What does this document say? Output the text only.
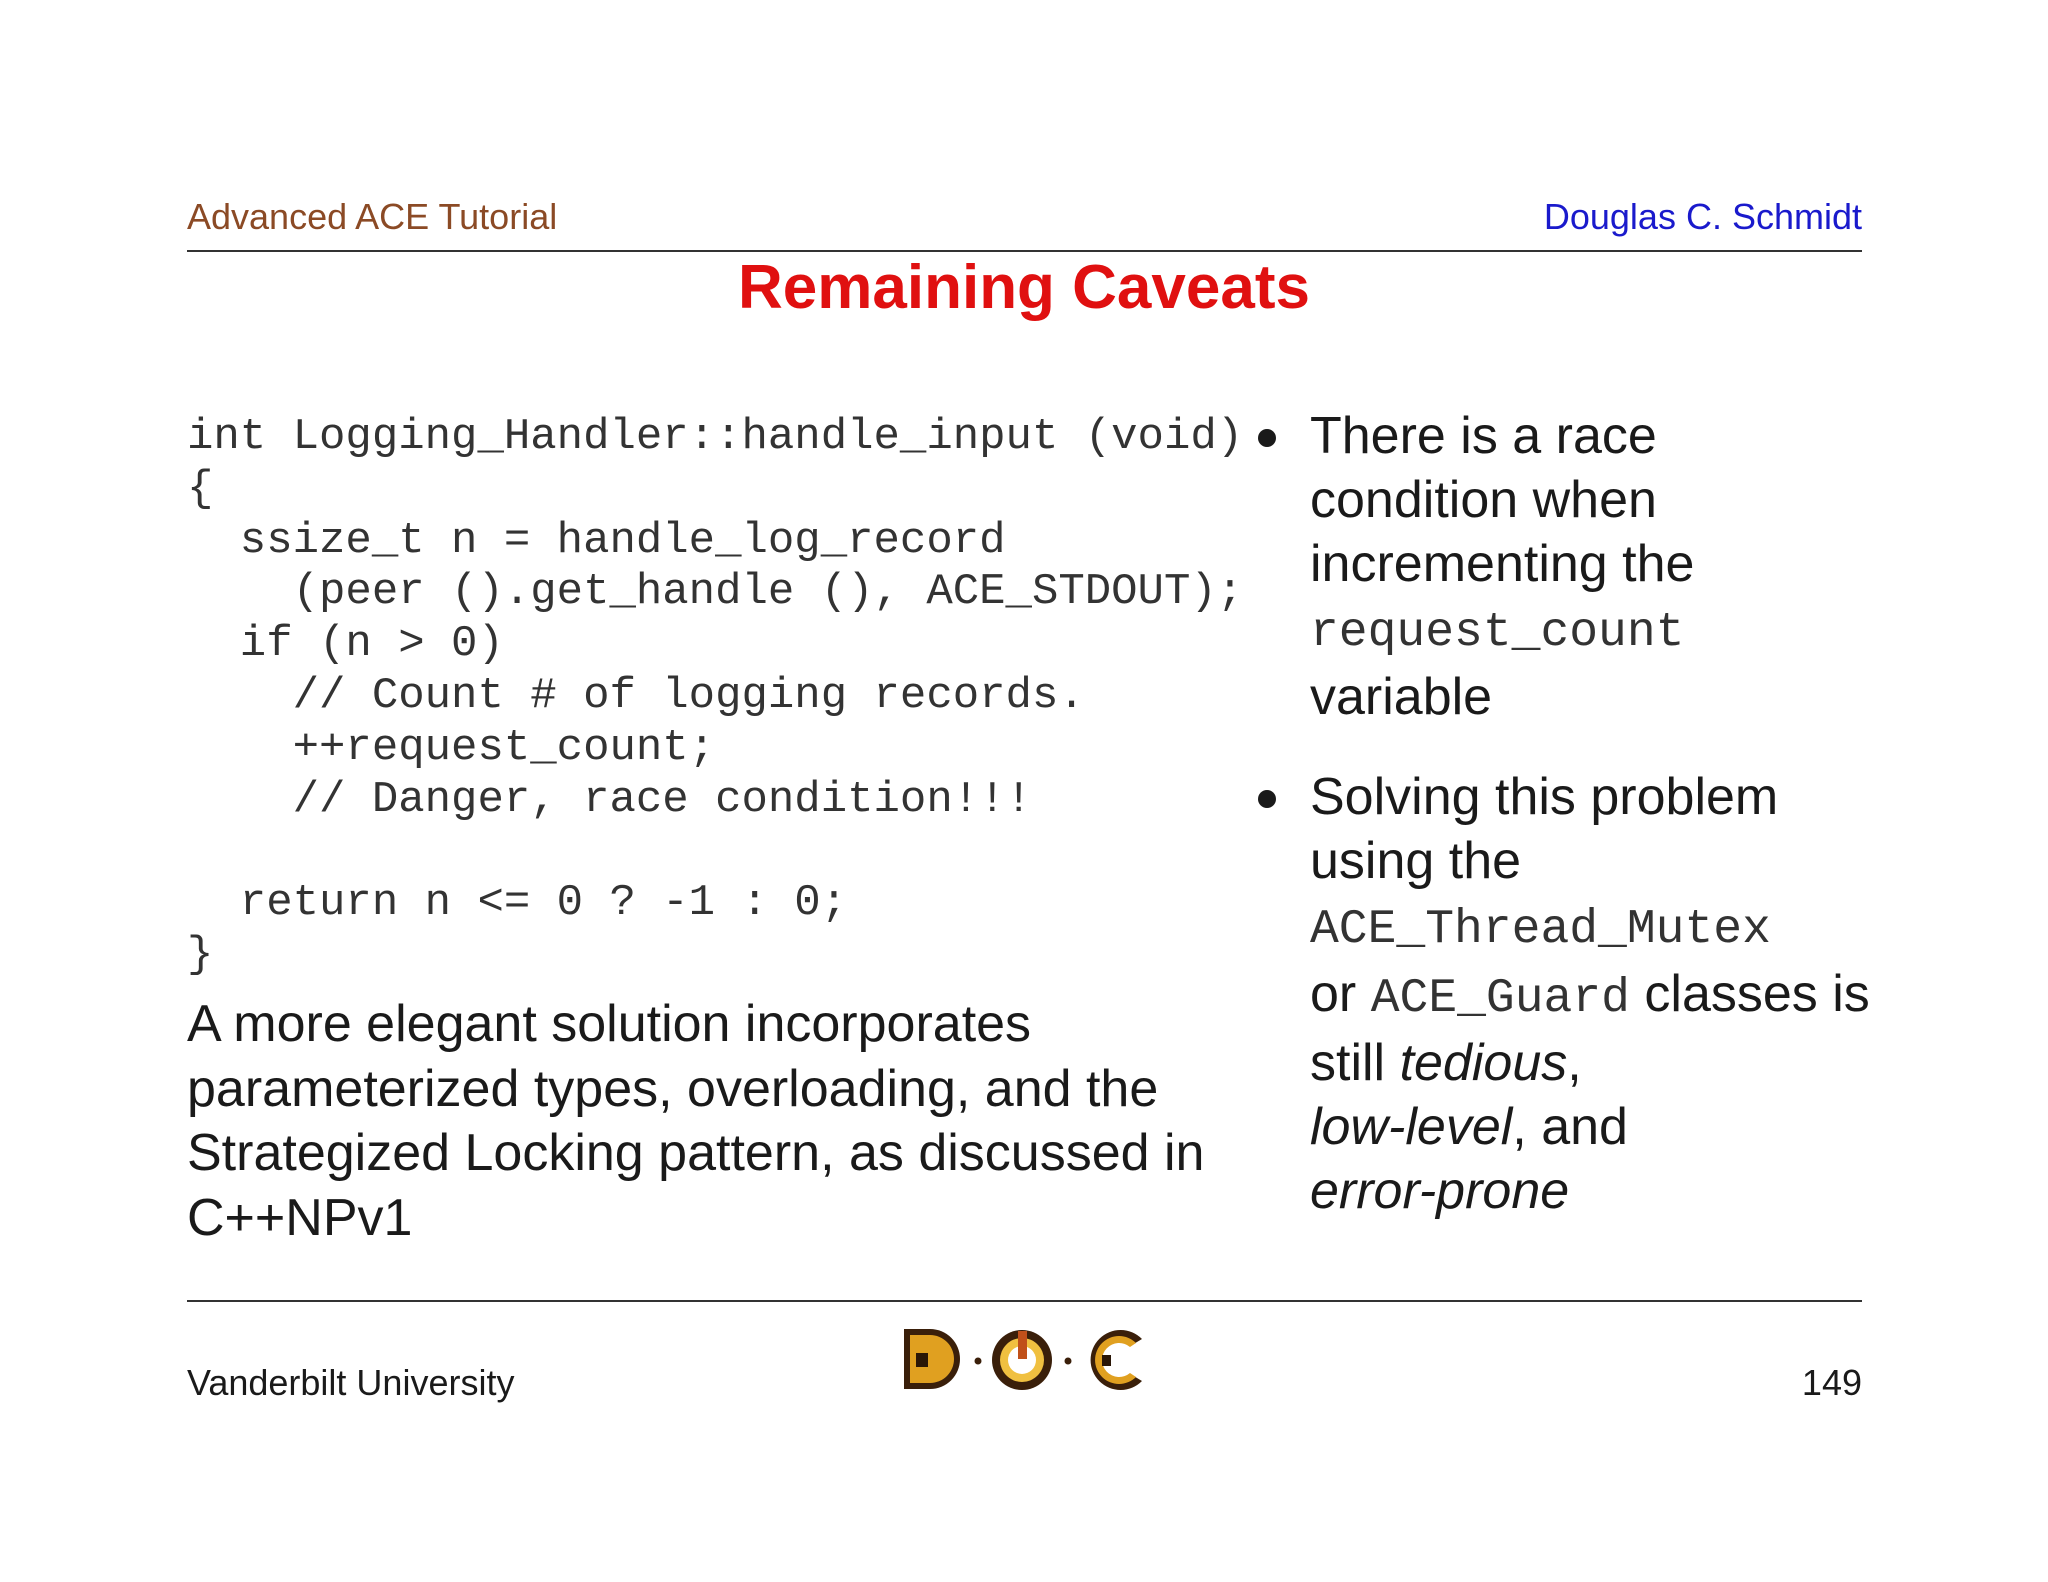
Advanced ACE Tutorial	Douglas C. Schmidt
Remaining Caveats
int Logging_Handler::handle_input (void)
{
ssize_t n = handle_log_record
(peer ().get_handle (), ACE_STDOUT);
if (n > 0)
// Count # of logging records.
++request_count;
// Danger, race condition!!!
return n <= 0 ? -1 : 0;
}
A more elegant solution incorporates parameterized types, overloading, and the Strategized Locking pattern, as discussed in C++NPv1
There is a race condition when incrementing the
request_count
variable
Solving this problem using the
ACE_Thread_Mutex
or ACE_Guard classes is still tedious,
low-level, and
error-prone
Vanderbilt University	149
